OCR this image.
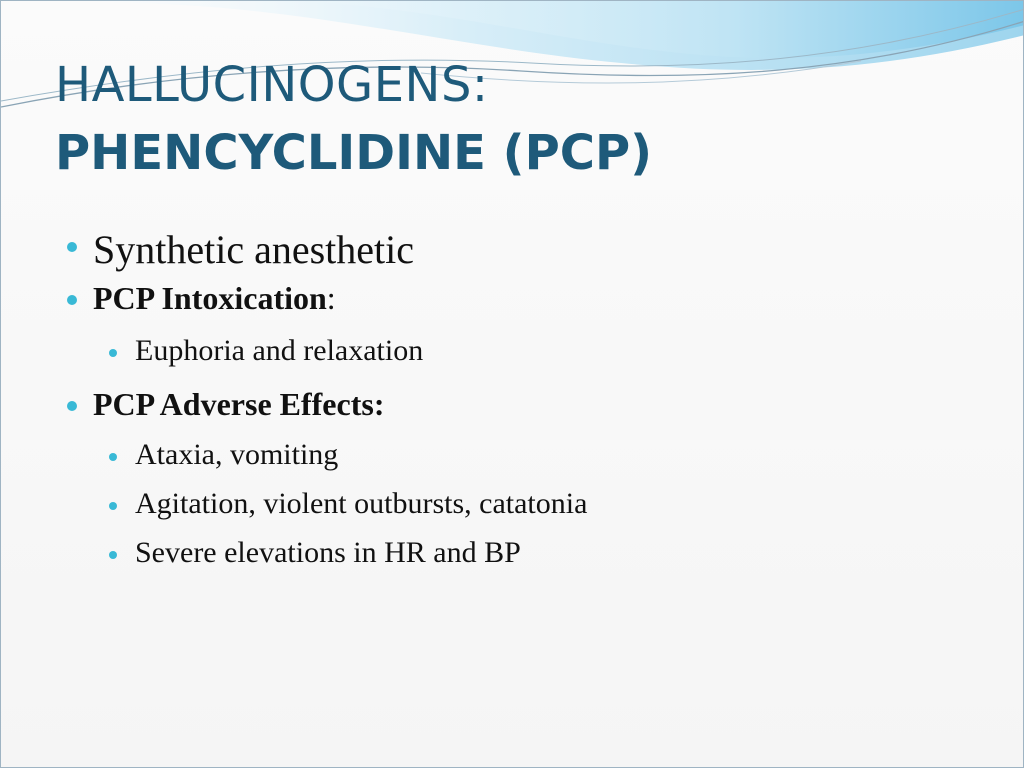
HALLUCINOGENS:
PHENCYCLIDINE (PCP)
Synthetic anesthetic
PCP Intoxication:
Euphoria and relaxation
PCP Adverse Effects:
Ataxia, vomiting
Agitation, violent outbursts, catatonia
Severe elevations in HR and BP
